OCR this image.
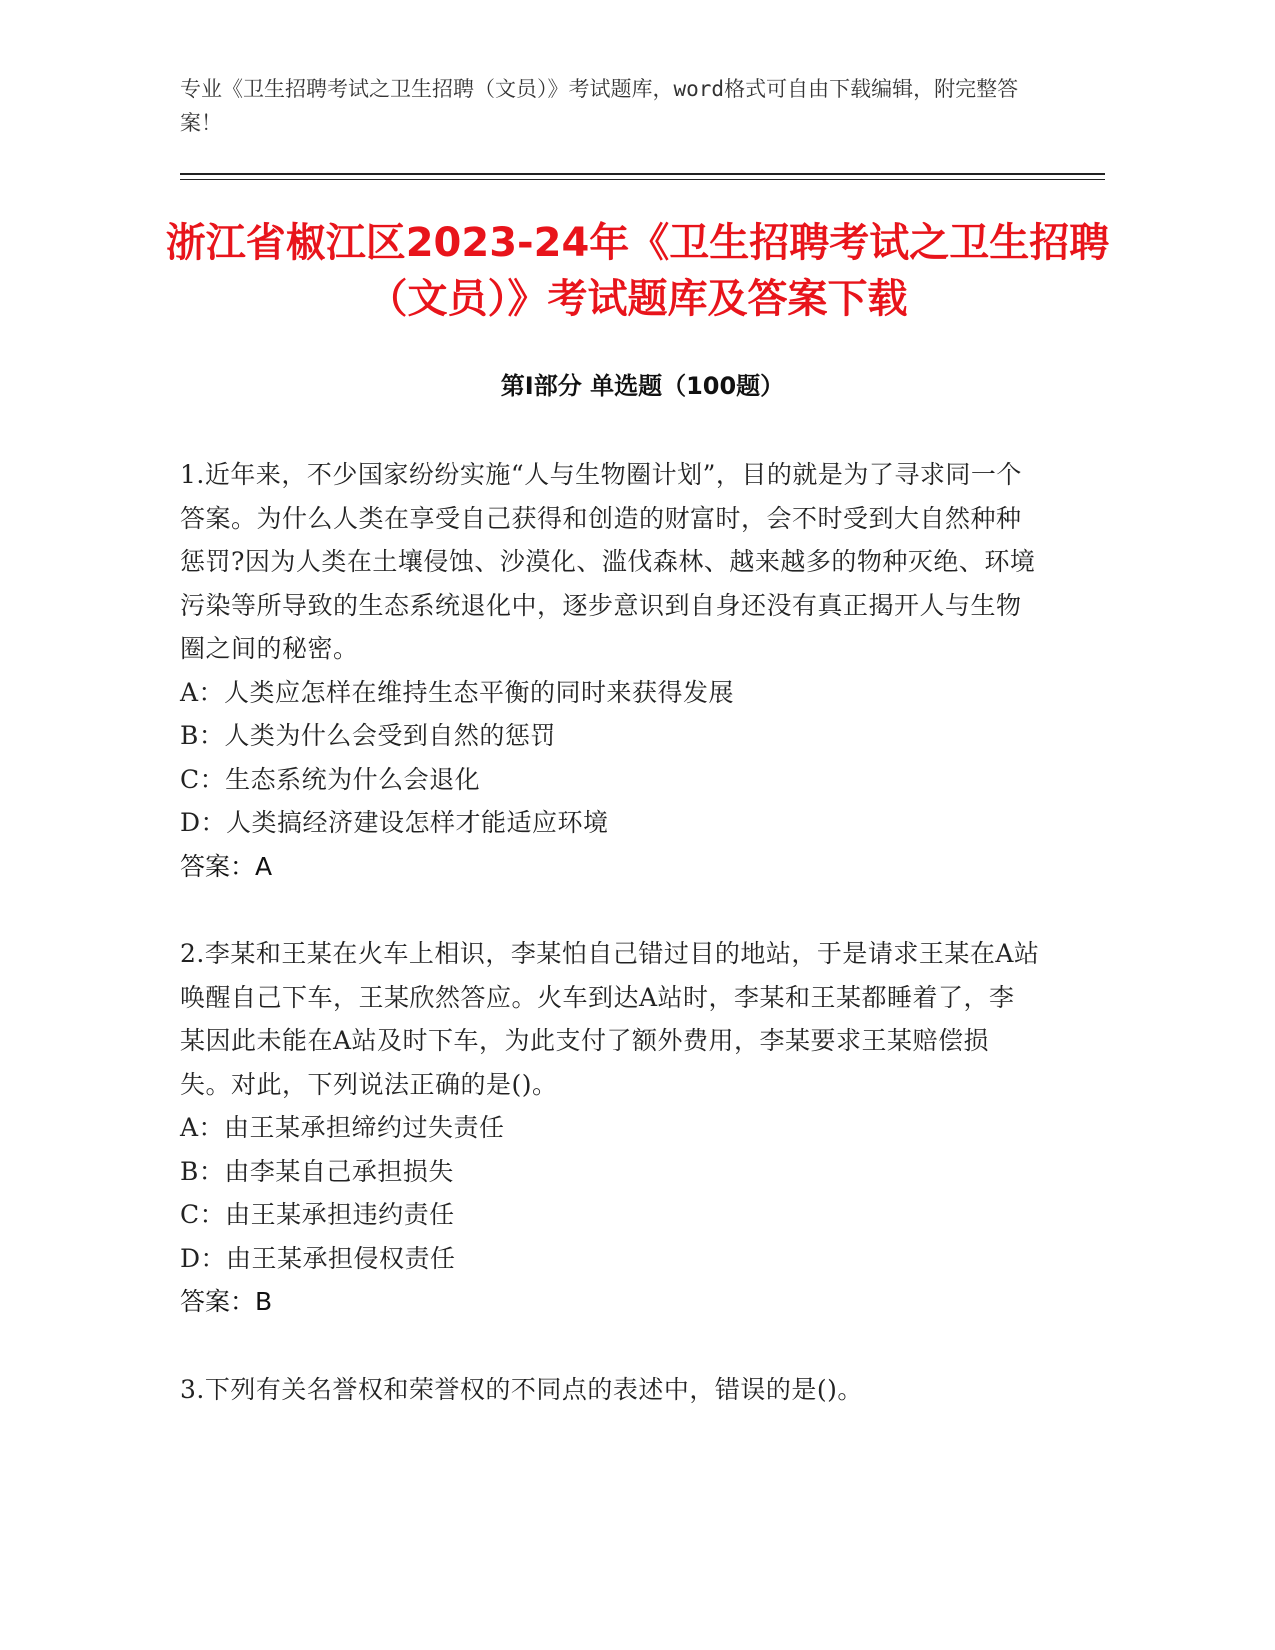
专业《卫生招聘考试之卫生招聘（文员）》考试题库，word格式可自由下载编辑，附完整答案！
浙江省椒江区2023-24年《卫生招聘考试之卫生招聘（文员）》考试题库及答案下载
第I部分 单选题（100题）
1.近年来，不少国家纷纷实施“人与生物圈计划”，目的就是为了寻求同一个答案。为什么人类在享受自己获得和创造的财富时，会不时受到大自然种种惩罚?因为人类在土壤侵蚀、沙漠化、滥伐森林、越来越多的物种灭绝、环境污染等所导致的生态系统退化中，逐步意识到自身还没有真正揭开人与生物圈之间的秘密。
A：人类应怎样在维持生态平衡的同时来获得发展
B：人类为什么会受到自然的惩罚
C：生态系统为什么会退化
D：人类搞经济建设怎样才能适应环境
答案：A
2.李某和王某在火车上相识，李某怕自己错过目的地站，于是请求王某在A站唤醒自己下车，王某欣然答应。火车到达A站时，李某和王某都睡着了，李某因此未能在A站及时下车，为此支付了额外费用，李某要求王某赔偿损失。对此，下列说法正确的是()。
A：由王某承担缔约过失责任
B：由李某自己承担损失
C：由王某承担违约责任
D：由王某承担侵权责任
答案：B
3.下列有关名誉权和荣誉权的不同点的表述中，错误的是()。
